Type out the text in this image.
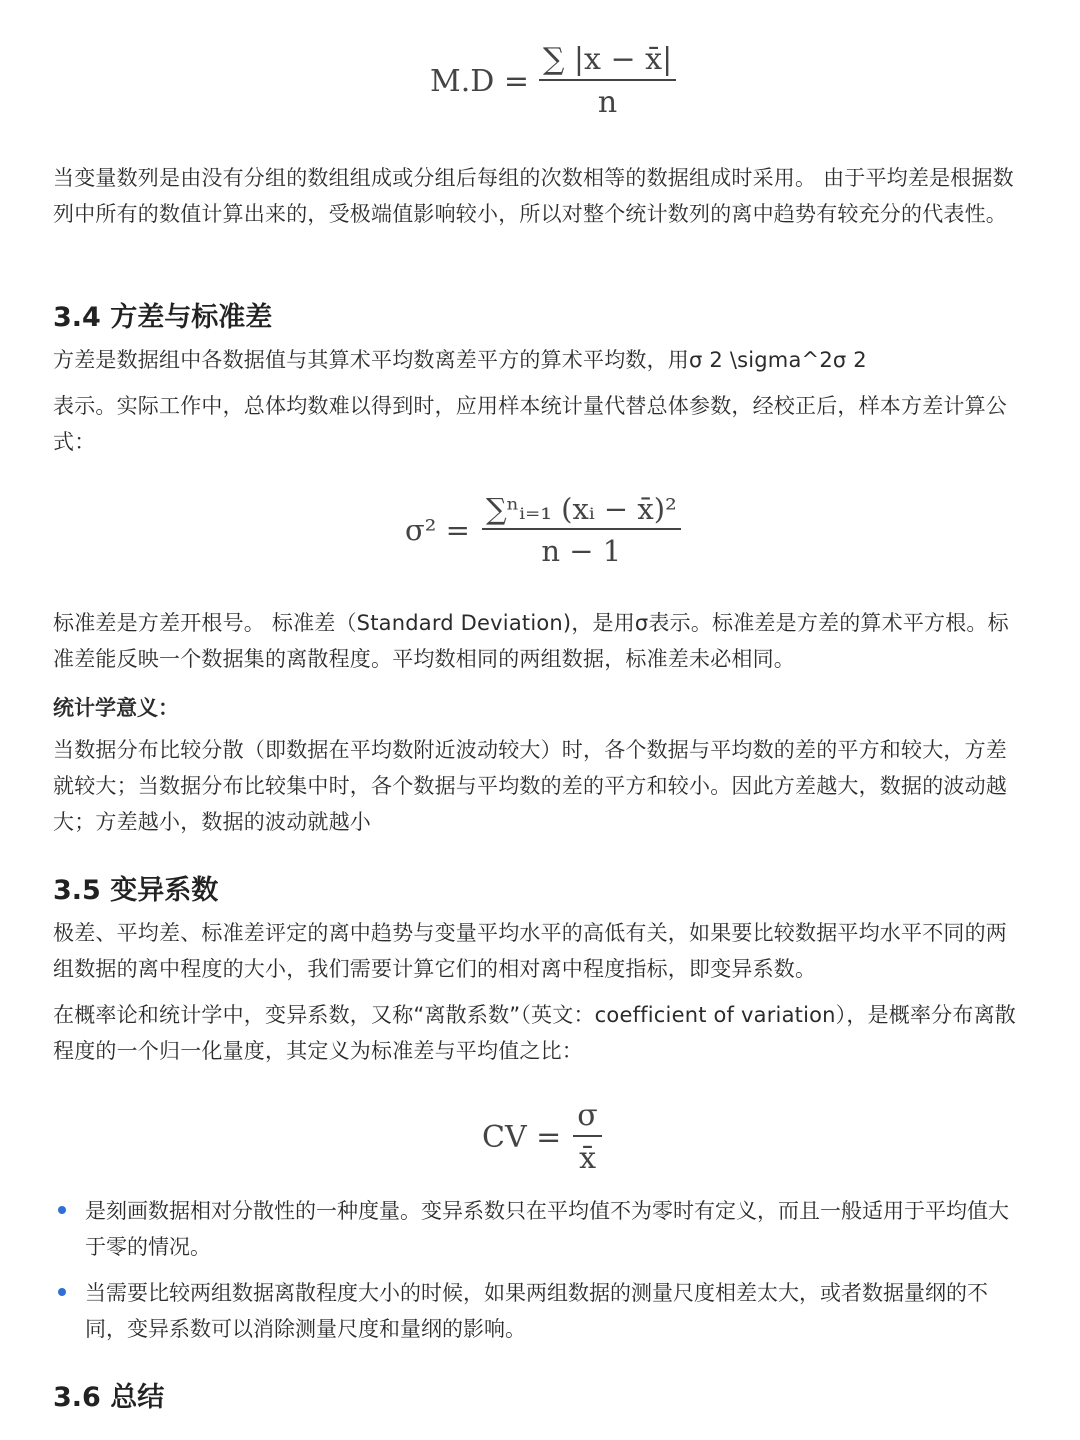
$M.D = \frac{\sum |x - x̄|}{n}$

当变量数列是由没有分组的数组组成或分组后每组的次数相等的数据组成时采用。 由于平均差是根据数列中所有的数值计算出来的，受极端值影响较小，所以对整个统计数列的离中趋势有较充分的代表性。

3.4 方差与标准差

方差是数据组中各数据值与其算术平均数离差平方的算术平均数，用σ 2 \sigma^2σ 2

表示。实际工作中，总体均数难以得到时，应用样本统计量代替总体参数，经校正后，样本方差计算公式：

$\sigma^2 = \frac{\text{∑ⁿᵢ₌₁ (xᵢ − x̄)²}}{n - 1}$

标准差是方差开根号。 标准差（Standard Deviation)，是用σ表示。标准差是方差的算术平方根。标准差能反映一个数据集的离散程度。平均数相同的两组数据，标准差未必相同。

统计学意义：

当数据分布比较分散（即数据在平均数附近波动较大）时，各个数据与平均数的差的平方和较大，方差就较大；当数据分布比较集中时，各个数据与平均数的差的平方和较小。因此方差越大，数据的波动越大；方差越小，数据的波动就越小

3.5 变异系数

极差、平均差、标准差评定的离中趋势与变量平均水平的高低有关，如果要比较数据平均水平不同的两组数据的离中程度的大小，我们需要计算它们的相对离中程度指标，即变异系数。

在概率论和统计学中，变异系数，又称“离散系数”（英文：coefficient of variation），是概率分布离散程度的一个归一化量度，其定义为标准差与平均值之比：

CV = $\frac{\sigma}{x̄}$
是刻画数据相对分散性的一种度量。变异系数只在平均值不为零时有定义，而且一般适用于平均值大于零的情况。
当需要比较两组数据离散程度大小的时候，如果两组数据的测量尺度相差太大，或者数据量纲的不同，变异系数可以消除测量尺度和量纲的影响。
3.6 总结
